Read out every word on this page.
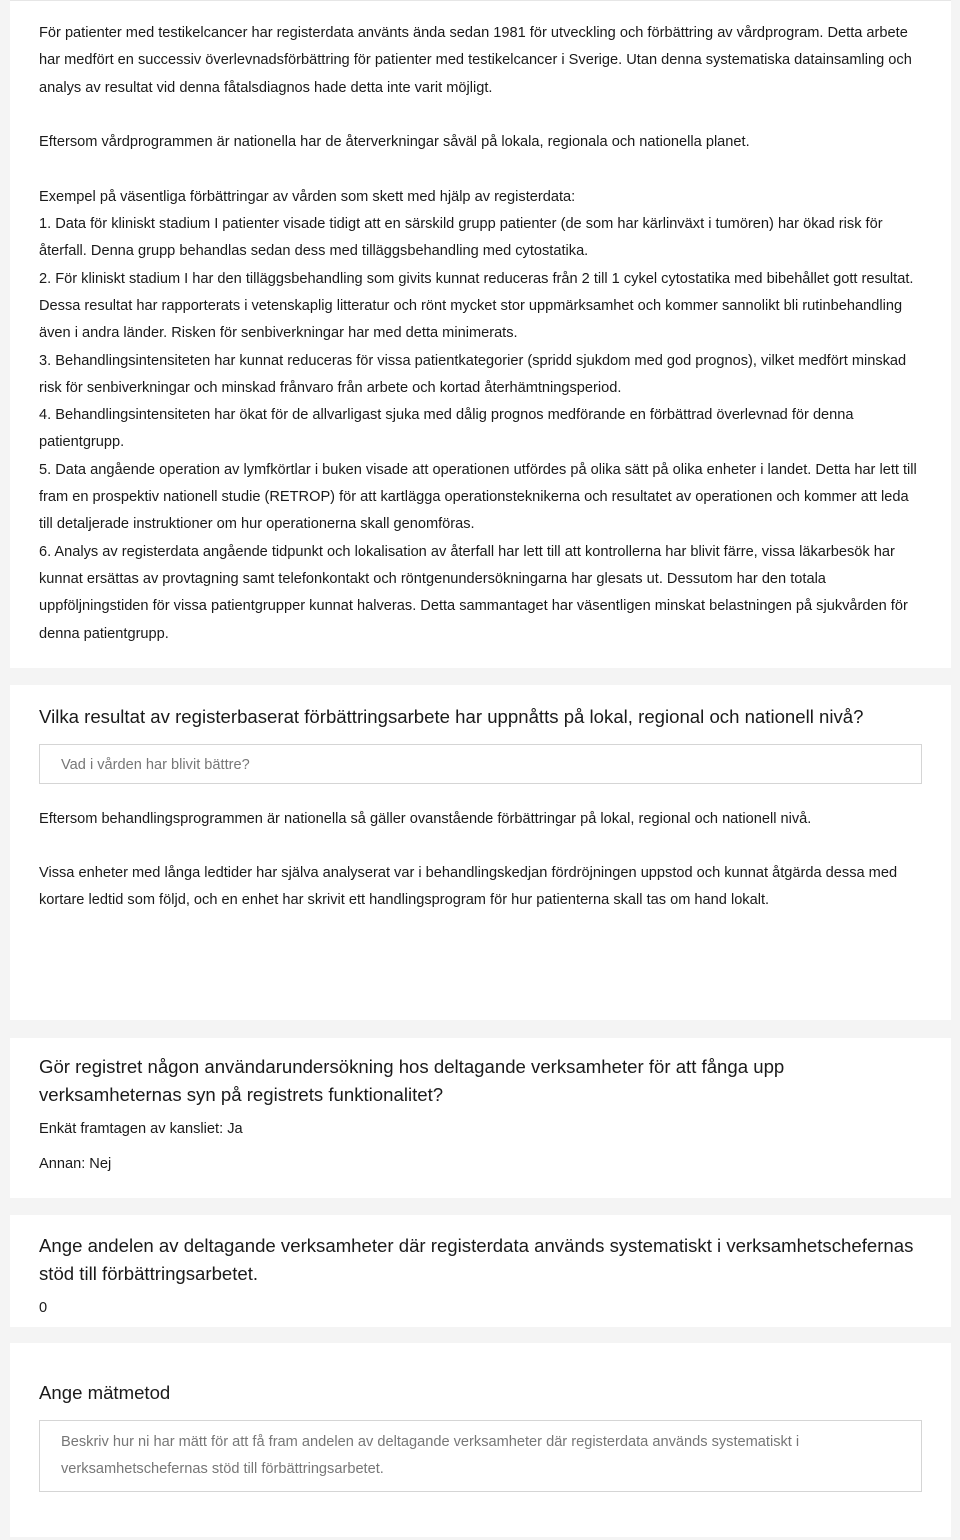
För patienter med testikelcancer har registerdata använts ända sedan 1981 för utveckling och förbättring av vårdprogram. Detta arbete har medfört en successiv överlevnadsförbättring för patienter med testikelcancer i Sverige. Utan denna systematiska datainsamling och analys av resultat vid denna fåtalsdiagnos hade detta inte varit möjligt.

Eftersom vårdprogrammen är nationella har de återverkningar såväl på lokala, regionala och nationella planet.

Exempel på väsentliga förbättringar av vården som skett med hjälp av registerdata:

1. Data för kliniskt stadium I patienter visade tidigt att en särskild grupp patienter (de som har kärlinväxt i tumören) har ökad risk för återfall. Denna grupp behandlas sedan dess med tilläggsbehandling med cytostatika.

2. För kliniskt stadium I har den tilläggsbehandling som givits kunnat reduceras från 2 till 1 cykel cytostatika med bibehållet gott resultat. Dessa resultat har rapporterats i vetenskaplig litteratur och rönt mycket stor uppmärksamhet och kommer sannolikt bli rutinbehandling även i andra länder. Risken för senbiverkningar har med detta minimerats.

3. Behandlingsintensiteten har kunnat reduceras för vissa patientkategorier (spridd sjukdom med god prognos), vilket medfört minskad risk för senbiverkningar och minskad frånvaro från arbete och kortad återhämtningsperiod.

4. Behandlingsintensiteten har ökat för de allvarligast sjuka med dålig prognos medförande en förbättrad överlevnad för denna patientgrupp.

5. Data angående operation av lymfkörtlar i buken visade att operationen utfördes på olika sätt på olika enheter i landet. Detta har lett till fram en prospektiv nationell studie (RETROP) för att kartlägga operationsteknikerna och resultatet av operationen och kommer att leda till detaljerade instruktioner om hur operationerna skall genomföras.

6. Analys av registerdata angående tidpunkt och lokalisation av återfall har lett till att kontrollerna har blivit färre, vissa läkarbesök har kunnat ersättas av provtagning samt telefonkontakt och röntgenundersökningarna har glesats ut. Dessutom har den totala uppföljningstiden för vissa patientgrupper kunnat halveras. Detta sammantaget har väsentligen minskat belastningen på sjukvården för denna patientgrupp.

Vilka resultat av registerbaserat förbättringsarbete har uppnåtts på lokal, regional och nationell nivå?
Vad i vården har blivit bättre?

Eftersom behandlingsprogrammen är nationella så gäller ovanstående förbättringar på lokal, regional och nationell nivå.

Vissa enheter med långa ledtider har själva analyserat var i behandlingskedjan fördröjningen uppstod och kunnat åtgärda dessa med kortare ledtid som följd, och en enhet har skrivit ett handlingsprogram för hur patienterna skall tas om hand lokalt.

Gör registret någon användarundersökning hos deltagande verksamheter för att fånga upp verksamheternas syn på registrets funktionalitet?

Enkät framtagen av kansliet: Ja

Annan: Nej

Ange andelen av deltagande verksamheter där registerdata används systematiskt i verksamhetschefernas stöd till förbättringsarbetet.

0

Ange mätmetod
Beskriv hur ni har mätt för att få fram andelen av deltagande verksamheter där registerdata används systematiskt i verksamhetschefernas stöd till förbättringsarbetet.
